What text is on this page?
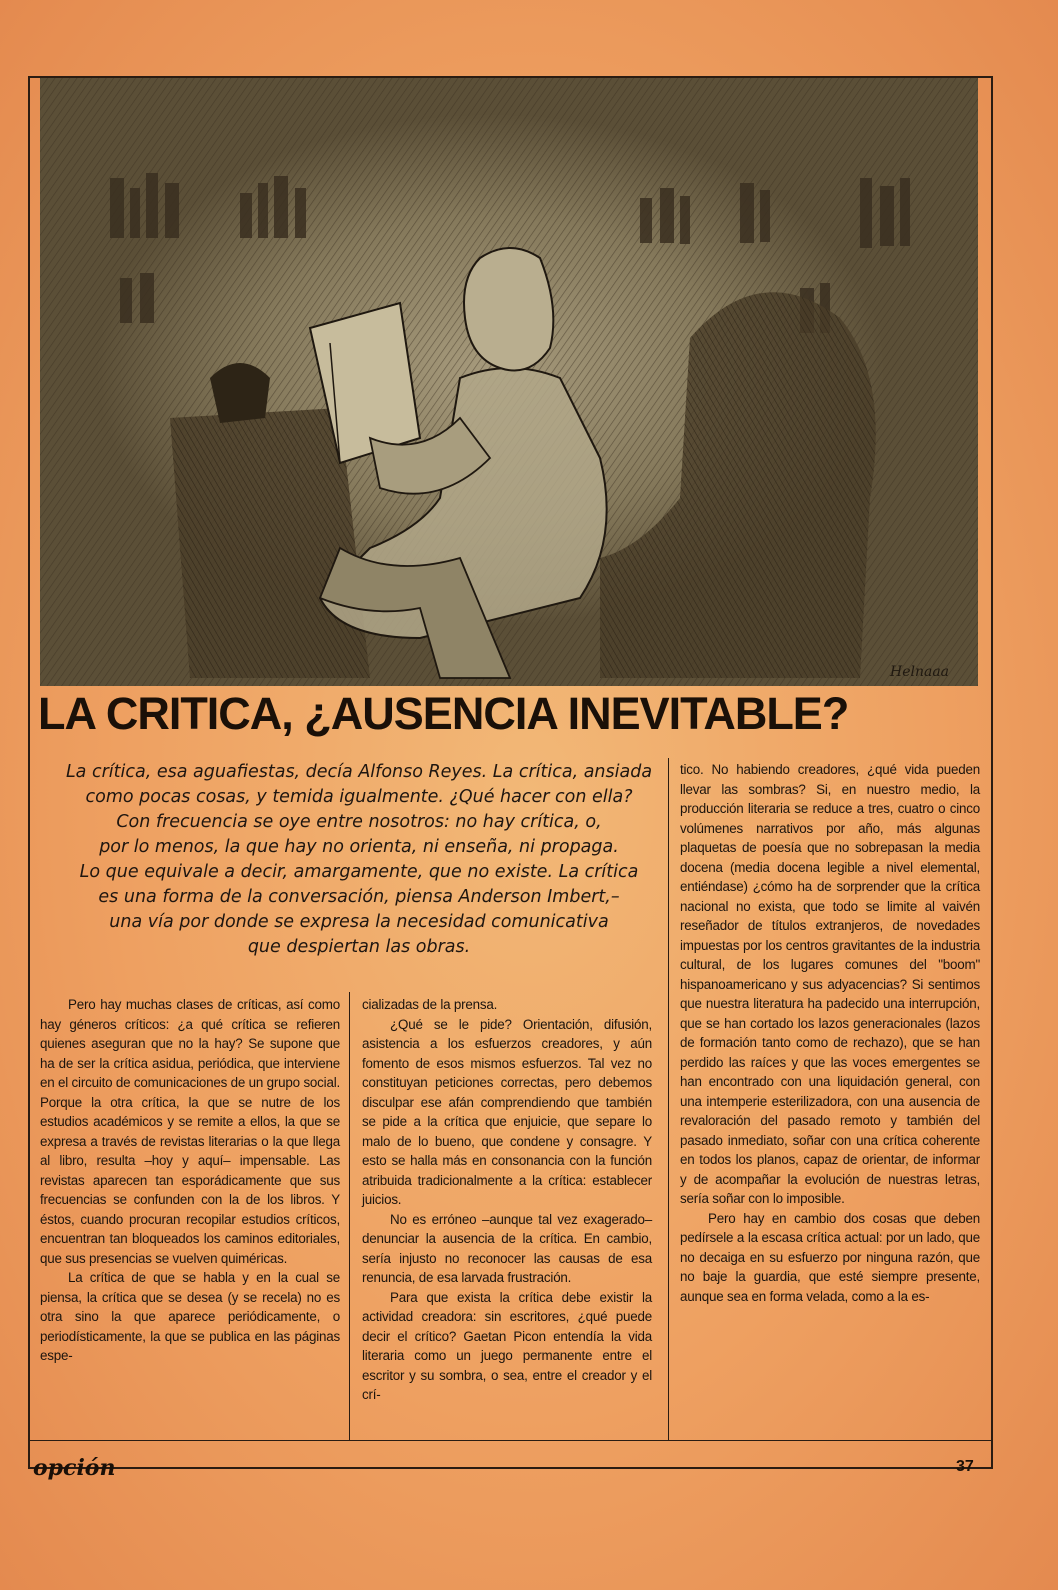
Helnaaa
LA CRITICA, ¿AUSENCIA INEVITABLE?

La crítica, esa aguafiestas, decía Alfonso Reyes. La crítica, ansiada

como pocas cosas, y temida igualmente. ¿Qué hacer con ella?

Con frecuencia se oye entre nosotros: no hay crítica, o,

por lo menos, la que hay no orienta, ni enseña, ni propaga.

Lo que equivale a decir, amargamente, que no existe. La crítica

es una forma de la conversación, piensa Anderson Imbert,–

una vía por donde se expresa la necesidad comunicativa

que despiertan las obras.

Pero hay muchas clases de críticas, así como hay géneros críticos: ¿a qué crítica se refieren quienes aseguran que no la hay? Se supone que ha de ser la crítica asidua, periódica, que interviene en el circuito de comunicaciones de un grupo social. Porque la otra crítica, la que se nutre de los estudios académicos y se remite a ellos, la que se expresa a través de revistas literarias o la que llega al libro, resulta –hoy y aquí– impensable. Las revistas aparecen tan esporádicamente que sus frecuencias se confunden con la de los libros. Y éstos, cuando procuran recopilar estudios críticos, encuentran tan bloqueados los caminos editoriales, que sus presencias se vuelven quiméricas.

La crítica de que se habla y en la cual se piensa, la crítica que se desea (y se recela) no es otra sino la que aparece periódicamente, o periodísticamente, la que se publica en las páginas espe-

cializadas de la prensa.

¿Qué se le pide? Orientación, difusión, asistencia a los esfuerzos creadores, y aún fomento de esos mismos esfuerzos. Tal vez no constituyan peticiones correctas, pero debemos disculpar ese afán comprendiendo que también se pide a la crítica que enjuicie, que separe lo malo de lo bueno, que condene y consagre. Y esto se halla más en consonancia con la función atribuida tradicionalmente a la crítica: establecer juicios.

No es erróneo –aunque tal vez exagerado– denunciar la ausencia de la crítica. En cambio, sería injusto no reconocer las causas de esa renuncia, de esa larvada frustración.

Para que exista la crítica debe existir la actividad creadora: sin escritores, ¿qué puede decir el crítico? Gaetan Picon entendía la vida literaria como un juego permanente entre el escritor y su sombra, o sea, entre el creador y el crí-

tico. No habiendo creadores, ¿qué vida pueden llevar las sombras? Si, en nuestro medio, la producción literaria se reduce a tres, cuatro o cinco volúmenes narrativos por año, más algunas plaquetas de poesía que no sobrepasan la media docena (media docena legible a nivel elemental, entiéndase) ¿cómo ha de sorprender que la crítica nacional no exista, que todo se limite al vaivén reseñador de títulos extranjeros, de novedades impuestas por los centros gravitantes de la industria cultural, de los lugares comunes del "boom" hispanoamericano y sus adyacencias? Si sentimos que nuestra literatura ha padecido una interrupción, que se han cortado los lazos generacionales (lazos de formación tanto como de rechazo), que se han perdido las raíces y que las voces emergentes se han encontrado con una liquidación general, con una intemperie esterilizadora, con una ausencia de revaloración del pasado remoto y también del pasado inmediato, soñar con una crítica coherente en todos los planos, capaz de orientar, de informar y de acompañar la evolución de nuestras letras, sería soñar con lo imposible.

Pero hay en cambio dos cosas que deben pedírsele a la escasa crítica actual: por un lado, que no decaiga en su esfuerzo por ninguna razón, que no baje la guardia, que esté siempre presente, aunque sea en forma velada, como a la es-

opción	37
